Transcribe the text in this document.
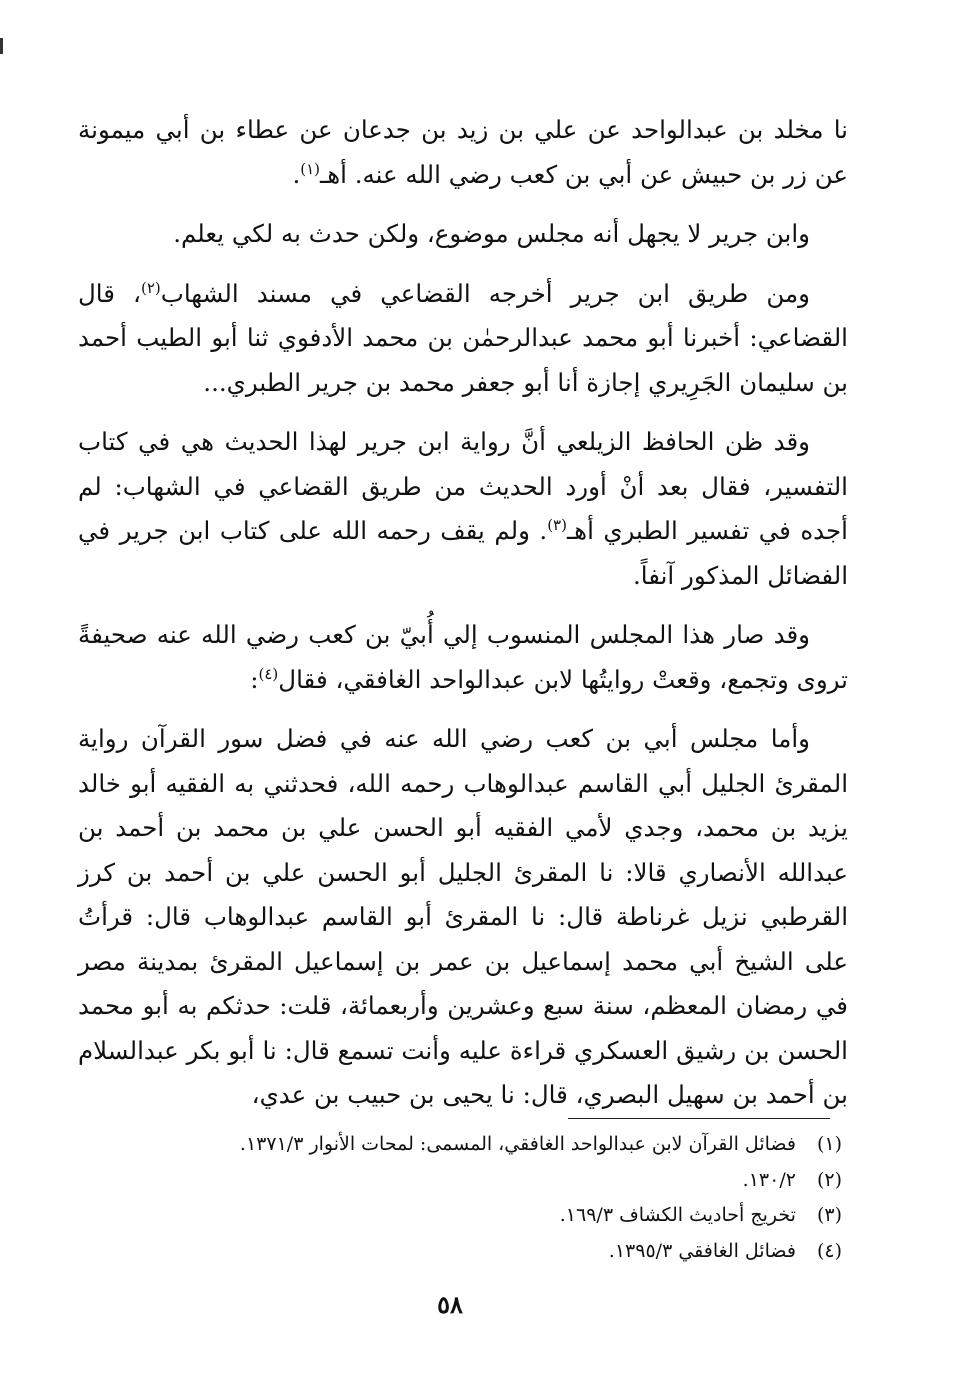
نا مخلد بن عبدالواحد عن علي بن زيد بن جدعان عن عطاء بن أبي ميمونة عن زر بن حبيش عن أبي بن كعب رضي الله عنه. أهـ$^{(١)}$.

وابن جرير لا يجهل أنه مجلس موضوع، ولكن حدث به لكي يعلم.

ومن طريق ابن جرير أخرجه القضاعي في مسند الشهاب$^{(٢)}$، قال القضاعي: أخبرنا أبو محمد عبدالرحمٰن بن محمد الأدفوي ثنا أبو الطيب أحمد بن سليمان الجَرِيري إجازة أنا أبو جعفر محمد بن جرير الطبري...

وقد ظن الحافظ الزيلعي أنَّ رواية ابن جرير لهذا الحديث هي في كتاب التفسير، فقال بعد أنْ أورد الحديث من طريق القضاعي في الشهاب: لم أجده في تفسير الطبري أهـ$^{(٣)}$. ولم يقف رحمه الله على كتاب ابن جرير في الفضائل المذكور آنفاً.

وقد صار هذا المجلس المنسوب إلي أُبيّ بن كعب رضي الله عنه صحيفةً تروى وتجمع، وقعتْ روايتُها لابن عبدالواحد الغافقي، فقال$^{(٤)}$:

وأما مجلس أبي بن كعب رضي الله عنه في فضل سور القرآن رواية المقرئ الجليل أبي القاسم عبدالوهاب رحمه الله، فحدثني به الفقيه أبو خالد يزيد بن محمد، وجدي لأمي الفقيه أبو الحسن علي بن محمد بن أحمد بن عبدالله الأنصاري قالا: نا المقرئ الجليل أبو الحسن علي بن أحمد بن كرز القرطبي نزيل غرناطة قال: نا المقرئ أبو القاسم عبدالوهاب قال: قرأتُ على الشيخ أبي محمد إسماعيل بن عمر بن إسماعيل المقرئ بمدينة مصر في رمضان المعظم، سنة سبع وعشرين وأربعمائة، قلت: حدثكم به أبو محمد الحسن بن رشيق العسكري قراءة عليه وأنت تسمع قال: نا أبو بكر عبدالسلام بن أحمد بن سهيل البصري، قال: نا يحيى بن حبيب بن عدي،

(١) فضائل القرآن لابن عبدالواحد الغافقي، المسمى: لمحات الأنوار ١٣٧١/٣.

(٢) ١٣٠/٢.

(٣) تخريج أحاديث الكشاف ١٦٩/٣.

(٤) فضائل الغافقي ١٣٩٥/٣.

٥٨
